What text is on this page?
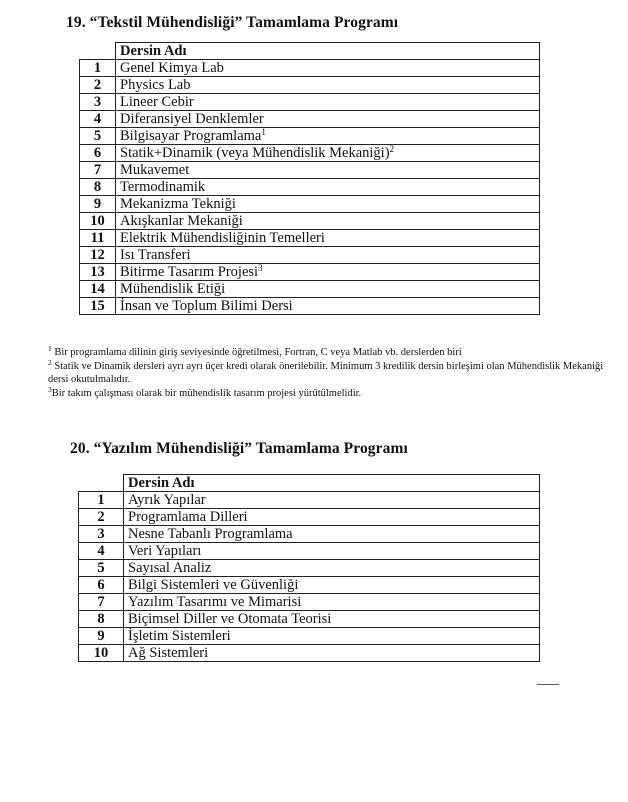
19. “Tekstil Mühendisliği” Tamamlama Programı
	Dersin Adı
1	Genel Kimya Lab
2	Physics Lab
3	Lineer Cebir
4	Diferansiyel Denklemler
5	Bilgisayar Programlama$^1$
6	Statik+Dinamik (veya Mühendislik Mekaniği)$^2$
7	Mukavemet
8	Termodinamik
9	Mekanizma Tekniği
10	Akışkanlar Mekaniği
11	Elektrik Mühendisliğinin Temelleri
12	Isı Transferi
13	Bitirme Tasarım Projesi$^3$
14	Mühendislik Etiği
15	İnsan ve Toplum Bilimi Dersi

$^1$ Bir programlama dilinin giriş seviyesinde öğretilmesi, Fortran, C veya Matlab vb. derslerden biri

$^2$ Statik ve Dinamik dersleri ayrı ayrı üçer kredi olarak önerilebilir. Minimum 3 kredilik dersin birleşimi olan Mühendislik Mekaniği dersi okutulmalıdır.

$^3$Bir takım çalışması olarak bir mühendislik tasarım projesi yürütülmelidir.

20. “Yazılım Mühendisliği” Tamamlama Programı
	Dersin Adı
1	Ayrık Yapılar
2	Programlama Dilleri
3	Nesne Tabanlı Programlama
4	Veri Yapıları
5	Sayısal Analiz
6	Bilgi Sistemleri ve Güvenliği
7	Yazılım Tasarımı ve Mimarisi
8	Biçimsel Diller ve Otomata Teorisi
9	İşletim Sistemleri
10	Ağ Sistemleri
